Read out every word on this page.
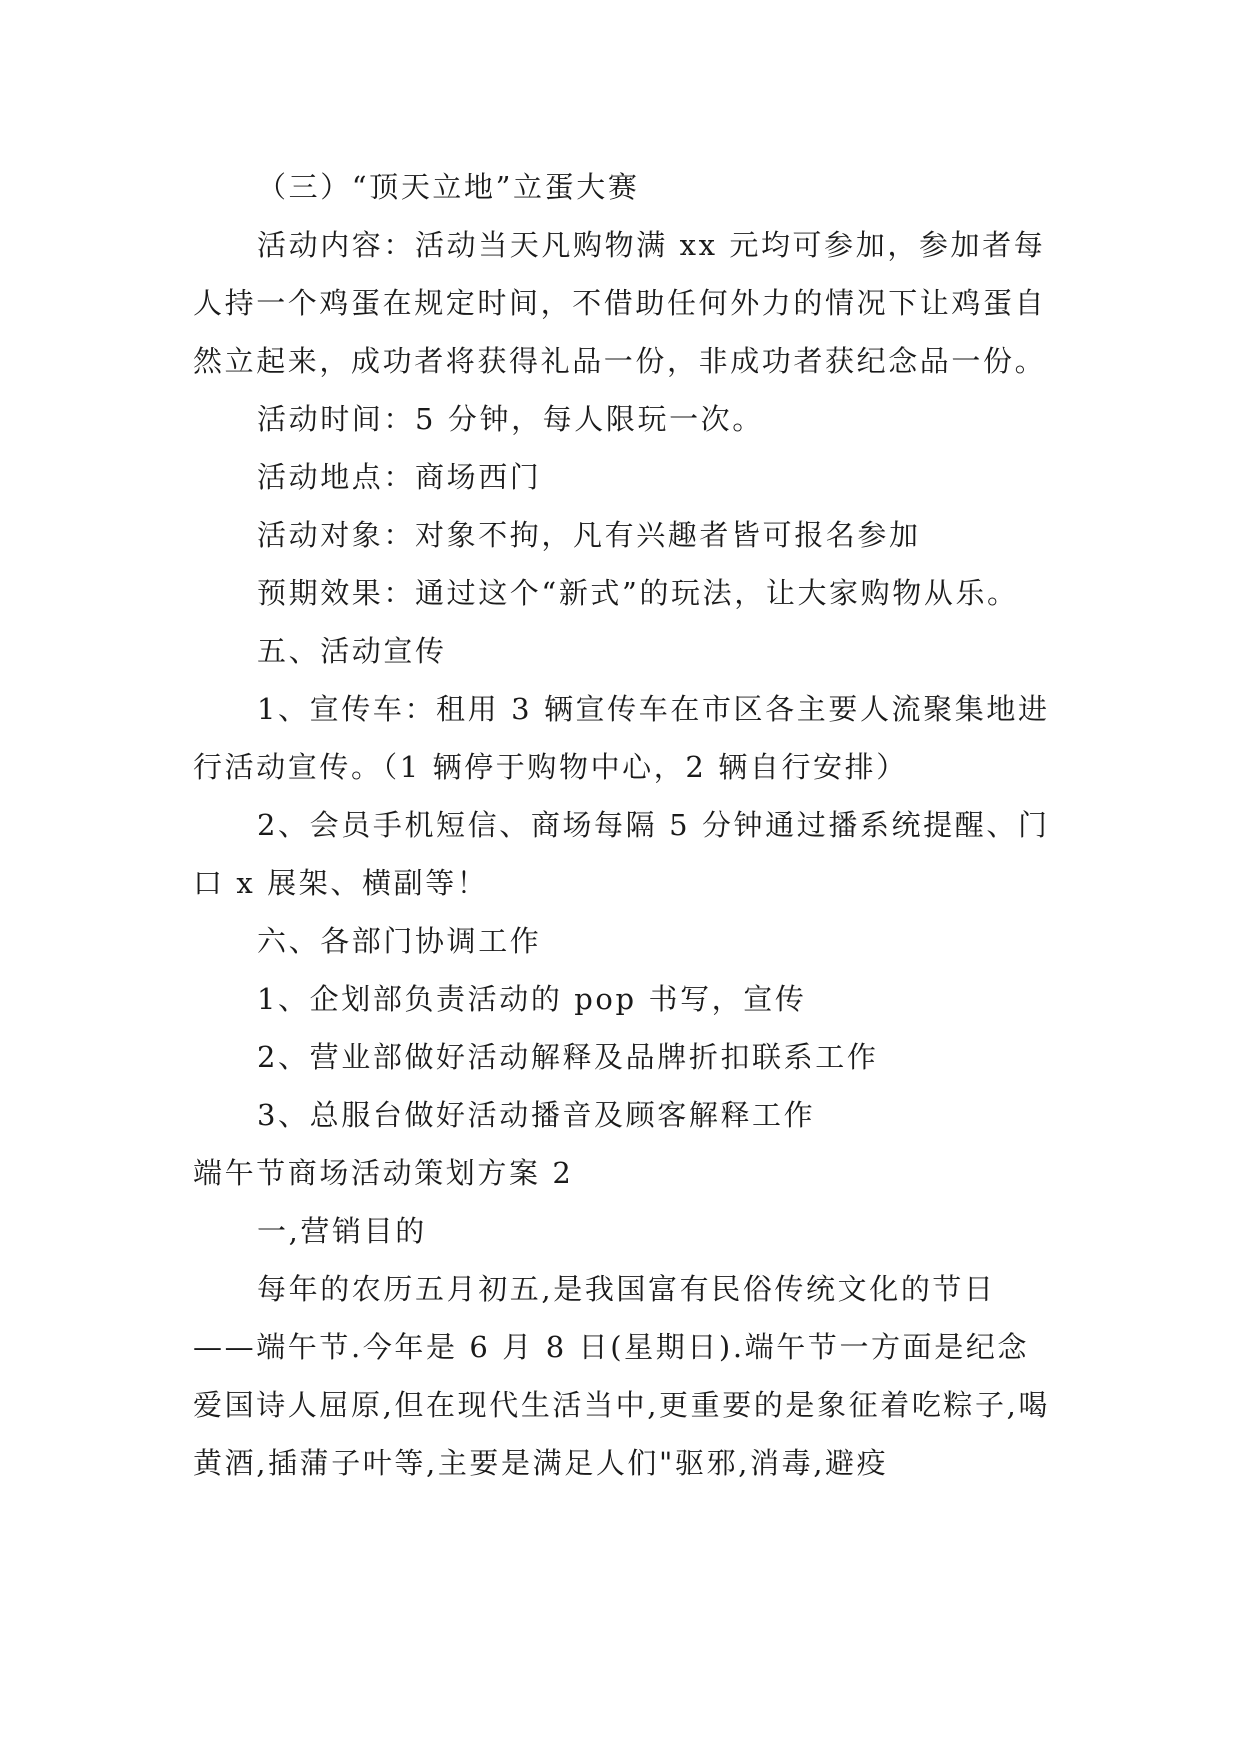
（三）“顶天立地”立蛋大赛

活动内容：活动当天凡购物满 xx 元均可参加，参加者每人持一个鸡蛋在规定时间，不借助任何外力的情况下让鸡蛋自然立起来，成功者将获得礼品一份，非成功者获纪念品一份。

活动时间：5 分钟，每人限玩一次。

活动地点：商场西门

活动对象：对象不拘，凡有兴趣者皆可报名参加

预期效果：通过这个“新式”的玩法，让大家购物从乐。

五、活动宣传

1、宣传车：租用 3 辆宣传车在市区各主要人流聚集地进行活动宣传。（1 辆停于购物中心，2 辆自行安排）

2、会员手机短信、商场每隔 5 分钟通过播系统提醒、门口 x 展架、横副等！

六、各部门协调工作

1、企划部负责活动的 pop 书写，宣传

2、营业部做好活动解释及品牌折扣联系工作

3、总服台做好活动播音及顾客解释工作

端午节商场活动策划方案 2

一,营销目的

每年的农历五月初五,是我国富有民俗传统文化的节日——端午节.今年是 6 月 8 日(星期日).端午节一方面是纪念爱国诗人屈原,但在现代生活当中,更重要的是象征着吃粽子,喝黄酒,插蒲子叶等,主要是满足人们"驱邪,消毒,避疫
